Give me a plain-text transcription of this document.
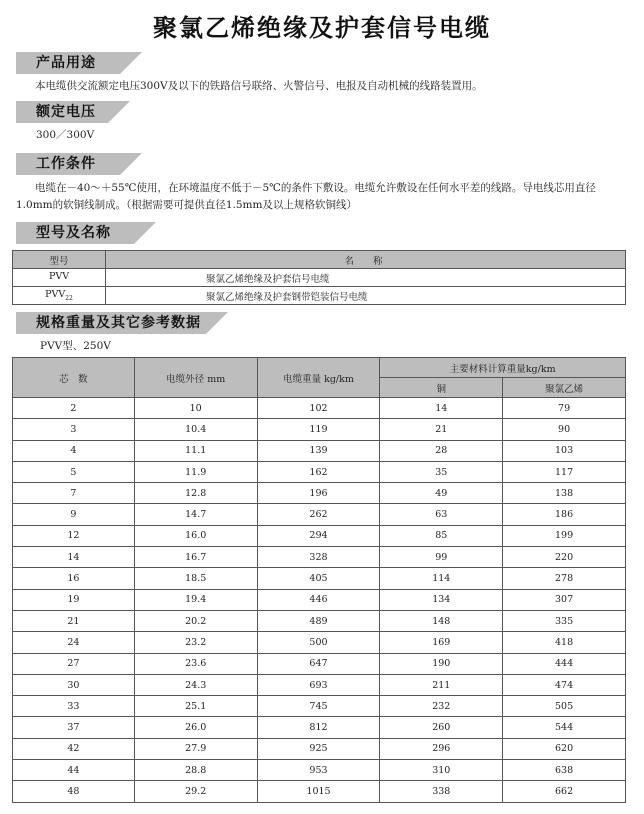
聚氯乙烯绝缘及护套信号电缆
产品用途
本电缆供交流额定电压300V及以下的铁路信号联络、火警信号、电报及自动机械的线路装置用。
额定电压
300／300V
工作条件
电缆在－40～＋55℃使用，在环境温度不低于－5℃的条件下敷设。电缆允许敷设在任何水平差的线路。导电线芯用直径
1.0mm的软铜线制成。（根据需要可提供直径1.5mm及以上规格软铜线）
型号及名称
型号	名　　称
PVV	聚氯乙烯绝缘及护套信号电缆
$PVV_{22}$	聚氯乙烯绝缘及护套钢带铠装信号电缆
规格重量及其它参考数据
PVV型、250V
芯　数	电缆外径 mm	电缆重量 kg/km	主要材料计算重量kg/km	
			铜	聚氯乙烯
2	10	102	14	79
3	10.4	119	21	90
4	11.1	139	28	103
5	11.9	162	35	117
7	12.8	196	49	138
9	14.7	262	63	186
12	16.0	294	85	199
14	16.7	328	99	220
16	18.5	405	114	278
19	19.4	446	134	307
21	20.2	489	148	335
24	23.2	500	169	418
27	23.6	647	190	444
30	24.3	693	211	474
33	25.1	745	232	505
37	26.0	812	260	544
42	27.9	925	296	620
44	28.8	953	310	638
48	29.2	1015	338	662
